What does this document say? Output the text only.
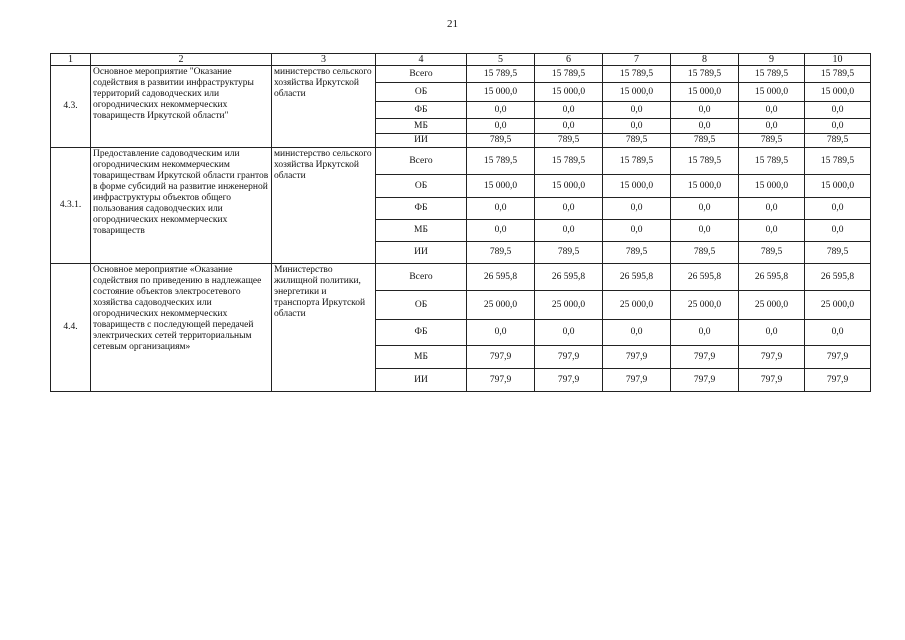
21
1	2	3	4	5	6	7	8	9	10
4.3.	Основное мероприятие "Оказание содействия в развитии инфраструктуры территорий садоводческих или огороднических некоммерческих товариществ Иркутской области"	министерство сельского хозяйства Иркутской области	Всего	15 789,5	15 789,5	15 789,5	15 789,5	15 789,5	15 789,5
			ОБ	15 000,0	15 000,0	15 000,0	15 000,0	15 000,0	15 000,0
			ФБ	0,0	0,0	0,0	0,0	0,0	0,0
			МБ	0,0	0,0	0,0	0,0	0,0	0,0
			ИИ	789,5	789,5	789,5	789,5	789,5	789,5
4.3.1.	Предоставление садоводческим или огородническим некоммерческим товариществам Иркутской области грантов в форме субсидий на развитие инженерной инфраструктуры объектов общего пользования садоводческих или огороднических некоммерческих товариществ	министерство сельского хозяйства Иркутской области	Всего	15 789,5	15 789,5	15 789,5	15 789,5	15 789,5	15 789,5
			ОБ	15 000,0	15 000,0	15 000,0	15 000,0	15 000,0	15 000,0
			ФБ	0,0	0,0	0,0	0,0	0,0	0,0
			МБ	0,0	0,0	0,0	0,0	0,0	0,0
			ИИ	789,5	789,5	789,5	789,5	789,5	789,5
4.4.	Основное мероприятие «Оказание содействия по приведению в надлежащее состояние объектов электросетевого хозяйства садоводческих или огороднических некоммерческих товариществ с последующей передачей электрических сетей территориальным сетевым организациям»	Министерство жилищной политики, энергетики и транспорта Иркутской области	Всего	26 595,8	26 595,8	26 595,8	26 595,8	26 595,8	26 595,8
			ОБ	25 000,0	25 000,0	25 000,0	25 000,0	25 000,0	25 000,0
			ФБ	0,0	0,0	0,0	0,0	0,0	0,0
			МБ	797,9	797,9	797,9	797,9	797,9	797,9
			ИИ	797,9	797,9	797,9	797,9	797,9	797,9
